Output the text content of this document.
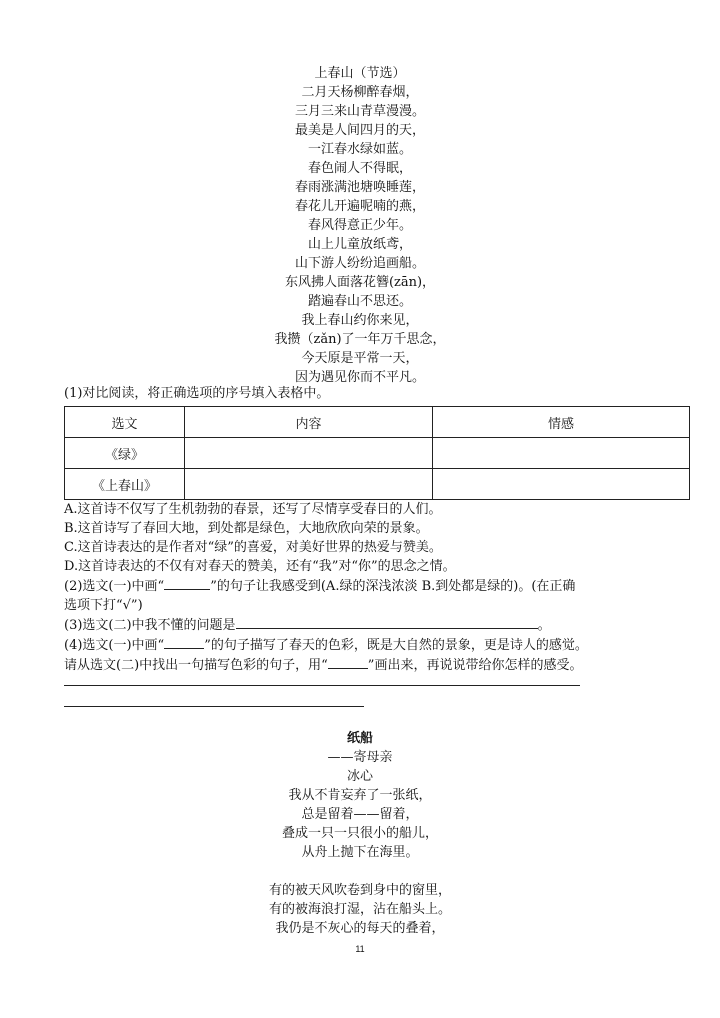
上春山（节选）
二月天杨柳醉春烟，
三月三来山青草漫漫。
最美是人间四月的天，
一江春水绿如蓝。
春色闹人不得眠，
春雨涨满池塘唤睡莲，
春花儿开遍呢喃的燕，
春风得意正少年。
山上儿童放纸鸢，
山下游人纷纷追画船。
东风拂人面落花簪(zān)，
踏遍春山不思还。
我上春山约你来见，
我攒（zǎn)了一年万千思念，
今天原是平常一天，
因为遇见你而不平凡。
(1)对比阅读，将正确选项的序号填入表格中。
选文	内容	情感
《绿》		
《上春山》		
A.这首诗不仅写了生机勃勃的春景，还写了尽情享受春日的人们。
B.这首诗写了春回大地，到处都是绿色，大地欣欣向荣的景象。
C.这首诗表达的是作者对“绿”的喜爱，对美好世界的热爱与赞美。
D.这首诗表达的不仅有对春天的赞美，还有“我”对“你”的思念之情。
(2)选文(一)中画“	”的句子让我感受到(A.绿的深浅浓淡 B.到处都是绿的)。(在正确
选项下打“√”)
(3)选文(二)中我不懂的问题是	。
(4)选文(一)中画“	”的句子描写了春天的色彩，既是大自然的景象，更是诗人的感觉。
请从选文(二)中找出一句描写色彩的句子，用“	”画出来，再说说带给你怎样的感受。
纸船
——寄母亲
冰心
我从不肯妄弃了一张纸，
总是留着——留着，
叠成一只一只很小的船儿，
从舟上抛下在海里。
有的被天风吹卷到身中的窗里，
有的被海浪打湿，沾在船头上。
我仍是不灰心的每天的叠着，
11
